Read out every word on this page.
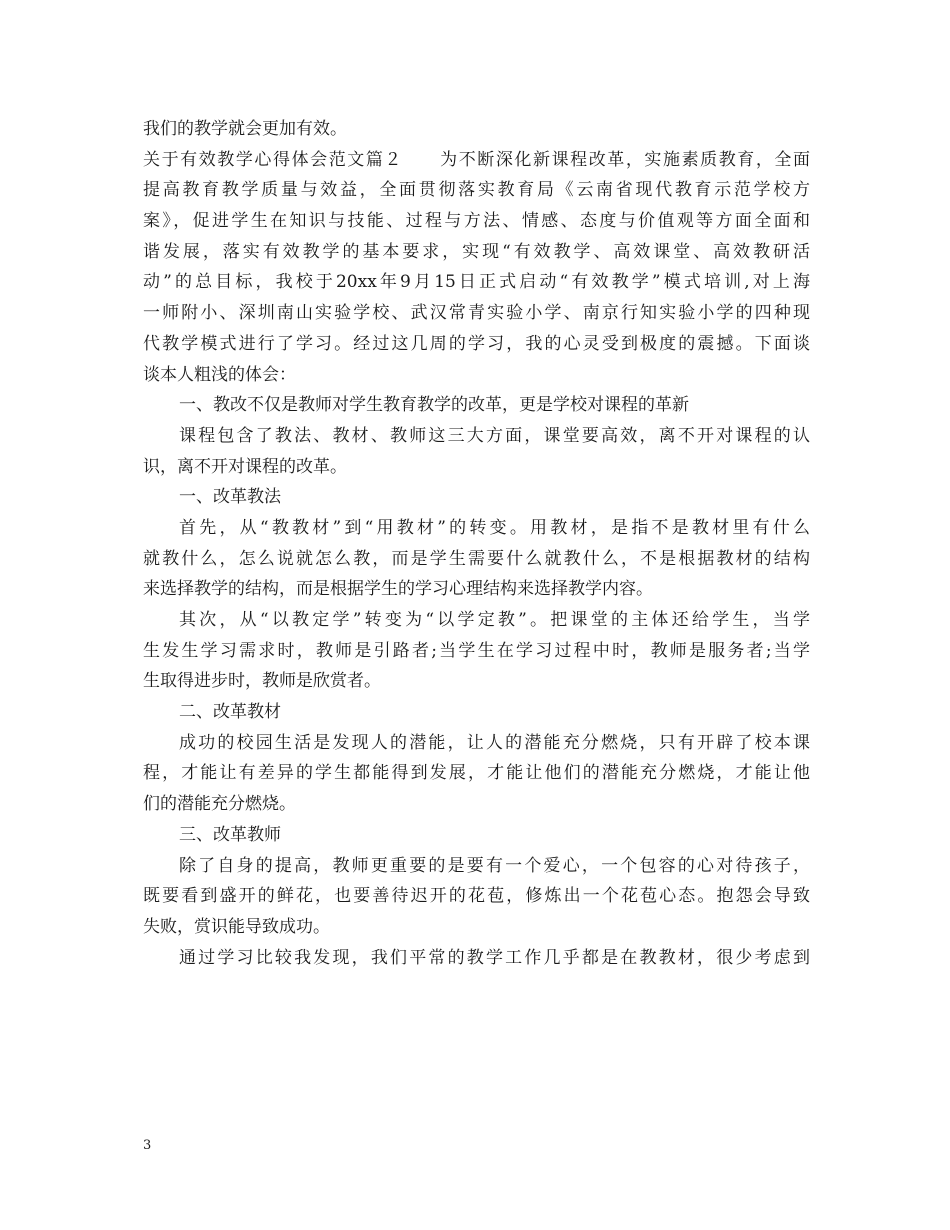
我们的教学就会更加有效。
关于有效教学心得体会范文篇２　　为不断深化新课程改革，实施素质教育，全面
提高教育教学质量与效益，全面贯彻落实教育局《云南省现代教育示范学校方
案》，促进学生在知识与技能、过程与方法、情感、态度与价值观等方面全面和
谐发展，落实有效教学的基本要求，实现“有效教学、高效课堂、高效教研活
动”的总目标，我校于20xx年9月15日正式启动“有效教学”模式培训,对上海
一师附小、深圳南山实验学校、武汉常青实验小学、南京行知实验小学的四种现
代教学模式进行了学习。经过这几周的学习，我的心灵受到极度的震撼。下面谈
谈本人粗浅的体会：
一、教改不仅是教师对学生教育教学的改革，更是学校对课程的革新
课程包含了教法、教材、教师这三大方面，课堂要高效，离不开对课程的认
识，离不开对课程的改革。
一、改革教法
首先，从“教教材”到“用教材”的转变。用教材，是指不是教材里有什么
就教什么，怎么说就怎么教，而是学生需要什么就教什么，不是根据教材的结构
来选择教学的结构，而是根据学生的学习心理结构来选择教学内容。
其次，从“以教定学”转变为“以学定教”。把课堂的主体还给学生，当学
生发生学习需求时，教师是引路者;当学生在学习过程中时，教师是服务者;当学
生取得进步时，教师是欣赏者。
二、改革教材
成功的校园生活是发现人的潜能，让人的潜能充分燃烧，只有开辟了校本课
程，才能让有差异的学生都能得到发展，才能让他们的潜能充分燃烧，才能让他
们的潜能充分燃烧。
三、改革教师
除了自身的提高，教师更重要的是要有一个爱心，一个包容的心对待孩子，
既要看到盛开的鲜花，也要善待迟开的花苞，修炼出一个花苞心态。抱怨会导致
失败，赏识能导致成功。
通过学习比较我发现，我们平常的教学工作几乎都是在教教材，很少考虑到
3
